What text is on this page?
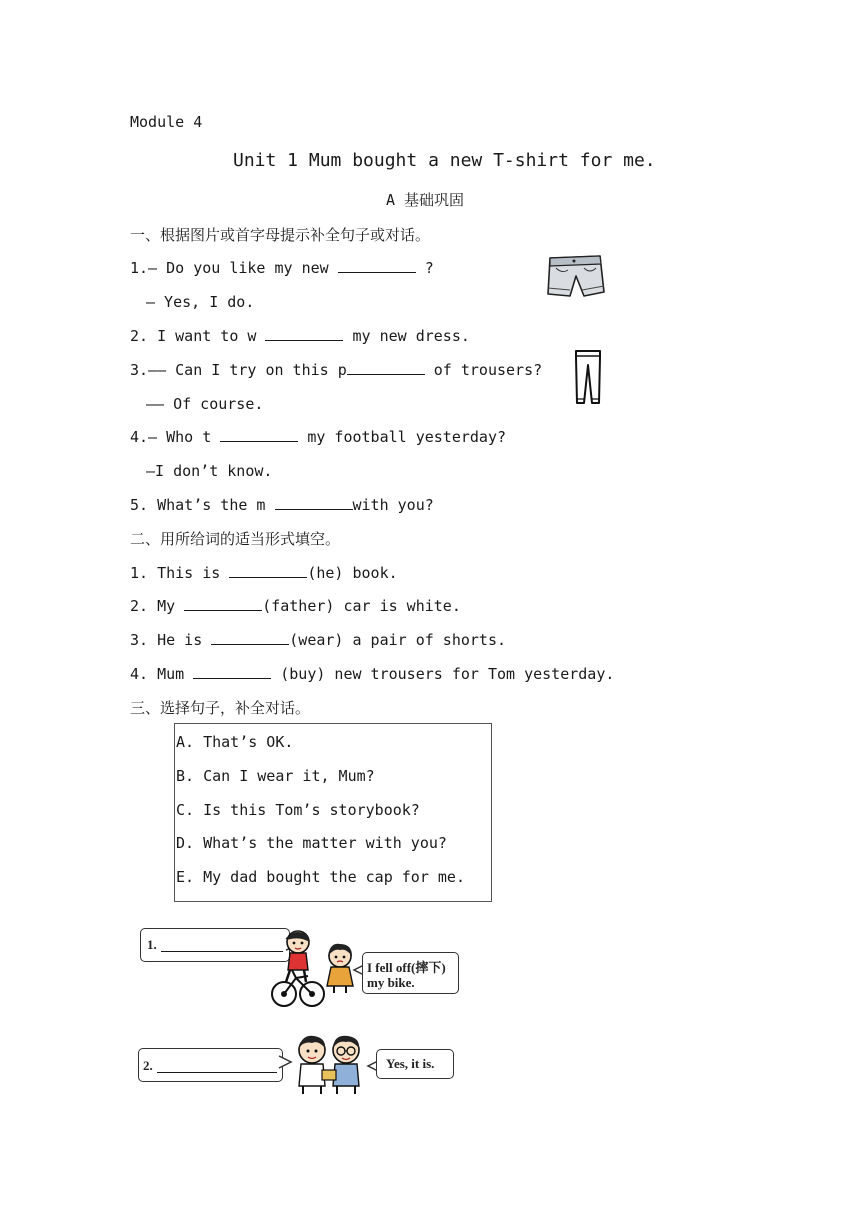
Module 4
Unit 1 Mum bought a new T-shirt for me.
A 基础巩固
一、根据图片或首字母提示补全句子或对话。
1.— Do you like my new	?
— Yes, I do.
2. I want to w	my new dress.
3.—— Can I try on this p	of trousers?
—— Of course.
4.— Who t	my football yesterday?
—I don’t know.
5. What’s the m	with you?
二、用所给词的适当形式填空。
1. This is	(he) book.
2. My	(father) car is white.
3. He is	(wear) a pair of shorts.
4. Mum	(buy) new trousers for Tom yesterday.
三、选择句子，补全对话。
A. That’s OK.
B. Can I wear it, Mum?
C. Is this Tom’s storybook?
D. What’s the matter with you?
E. My dad bought the cap for me.
1.
I fell off(摔下)
my bike.
2.	Yes, it is.
